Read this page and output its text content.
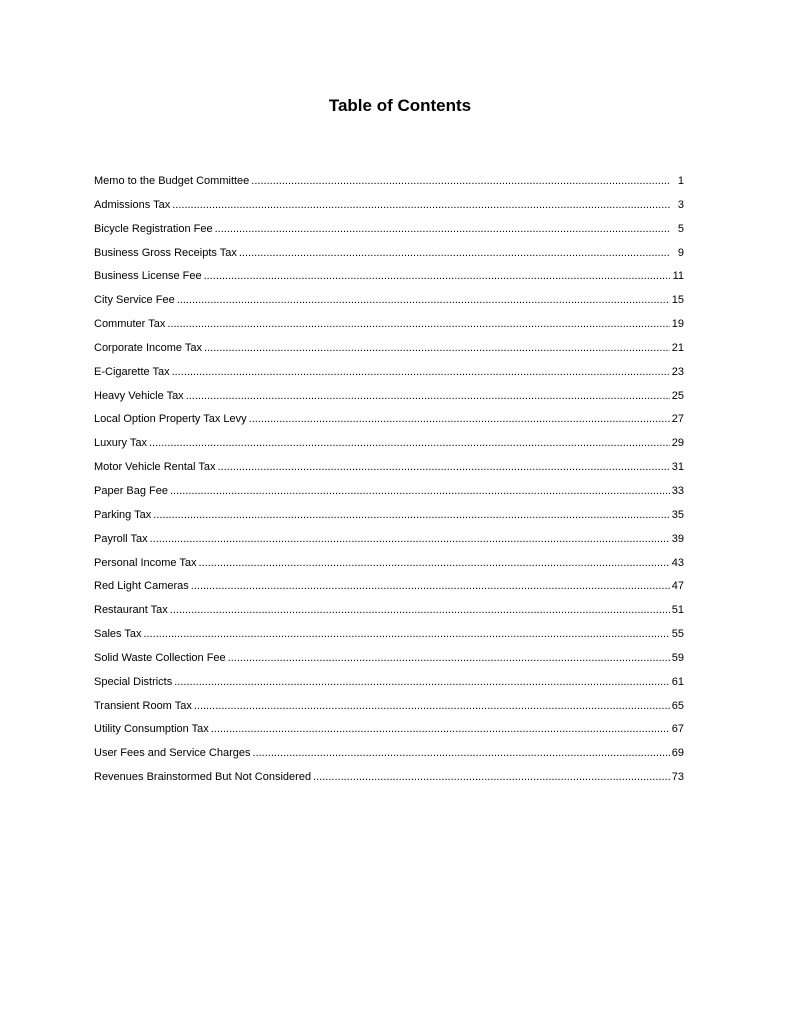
Table of Contents
Memo to the Budget Committee .....	1
Admissions Tax .....	3
Bicycle Registration Fee .....	5
Business Gross Receipts Tax .....	9
Business License Fee .....	11
City Service Fee .....	15
Commuter Tax .....	19
Corporate Income Tax .....	21
E-Cigarette Tax .....	23
Heavy Vehicle Tax .....	25
Local Option Property Tax Levy .....	27
Luxury Tax .....	29
Motor Vehicle Rental Tax .....	31
Paper Bag Fee .....	33
Parking Tax .....	35
Payroll Tax .....	39
Personal Income Tax .....	43
Red Light Cameras .....	47
Restaurant Tax .....	51
Sales Tax .....	55
Solid Waste Collection Fee .....	59
Special Districts .....	61
Transient Room Tax .....	65
Utility Consumption Tax .....	67
User Fees and Service Charges .....	69
Revenues Brainstormed But Not Considered .....	73
